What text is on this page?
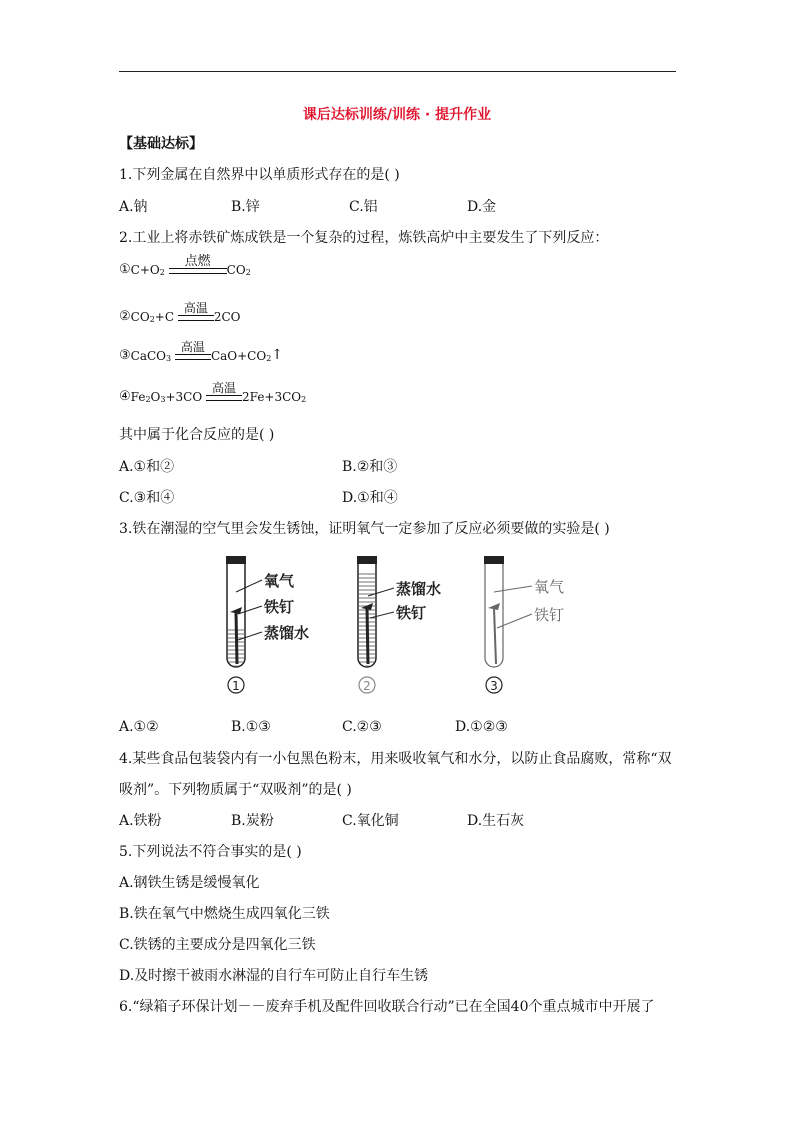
课后达标训练/训练 · 提升作业
【基础达标】
1.下列金属在自然界中以单质形式存在的是( )
A.钠	B.锌	C.铝	D.金
2.工业上将赤铁矿炼成铁是一个复杂的过程，炼铁高炉中主要发生了下列反应：
$①C+O_2$
点燃
$CO_2$
$②CO_2+C$
高温
2CO
③CaCO$_3$
高温
$CaO+CO_2↑$
$④Fe_2O_3+3CO$
高温
$2Fe+3CO_2$
其中属于化合反应的是( )
A.①和②	B.②和③
C.③和④	D.①和④
3.铁在潮湿的空气里会发生锈蚀，证明氧气一定参加了反应必须要做的实验是( )
氧气
铁钉
蒸馏水
1
蒸馏水
铁钉
2
氧气
铁钉
3
A.①②	B.①③	C.②③	D.①②③
4.某些食品包装袋内有一小包黑色粉末，用来吸收氧气和水分，以防止食品腐败，常称“双
吸剂”。下列物质属于“双吸剂”的是( )
A.铁粉	B.炭粉	C.氧化铜	D.生石灰
5.下列说法不符合事实的是( )
A.钢铁生锈是缓慢氧化
B.铁在氧气中燃烧生成四氧化三铁
C.铁锈的主要成分是四氧化三铁
D.及时擦干被雨水淋湿的自行车可防止自行车生锈
6.“绿箱子环保计划－－废弃手机及配件回收联合行动”已在全国40个重点城市中开展了
